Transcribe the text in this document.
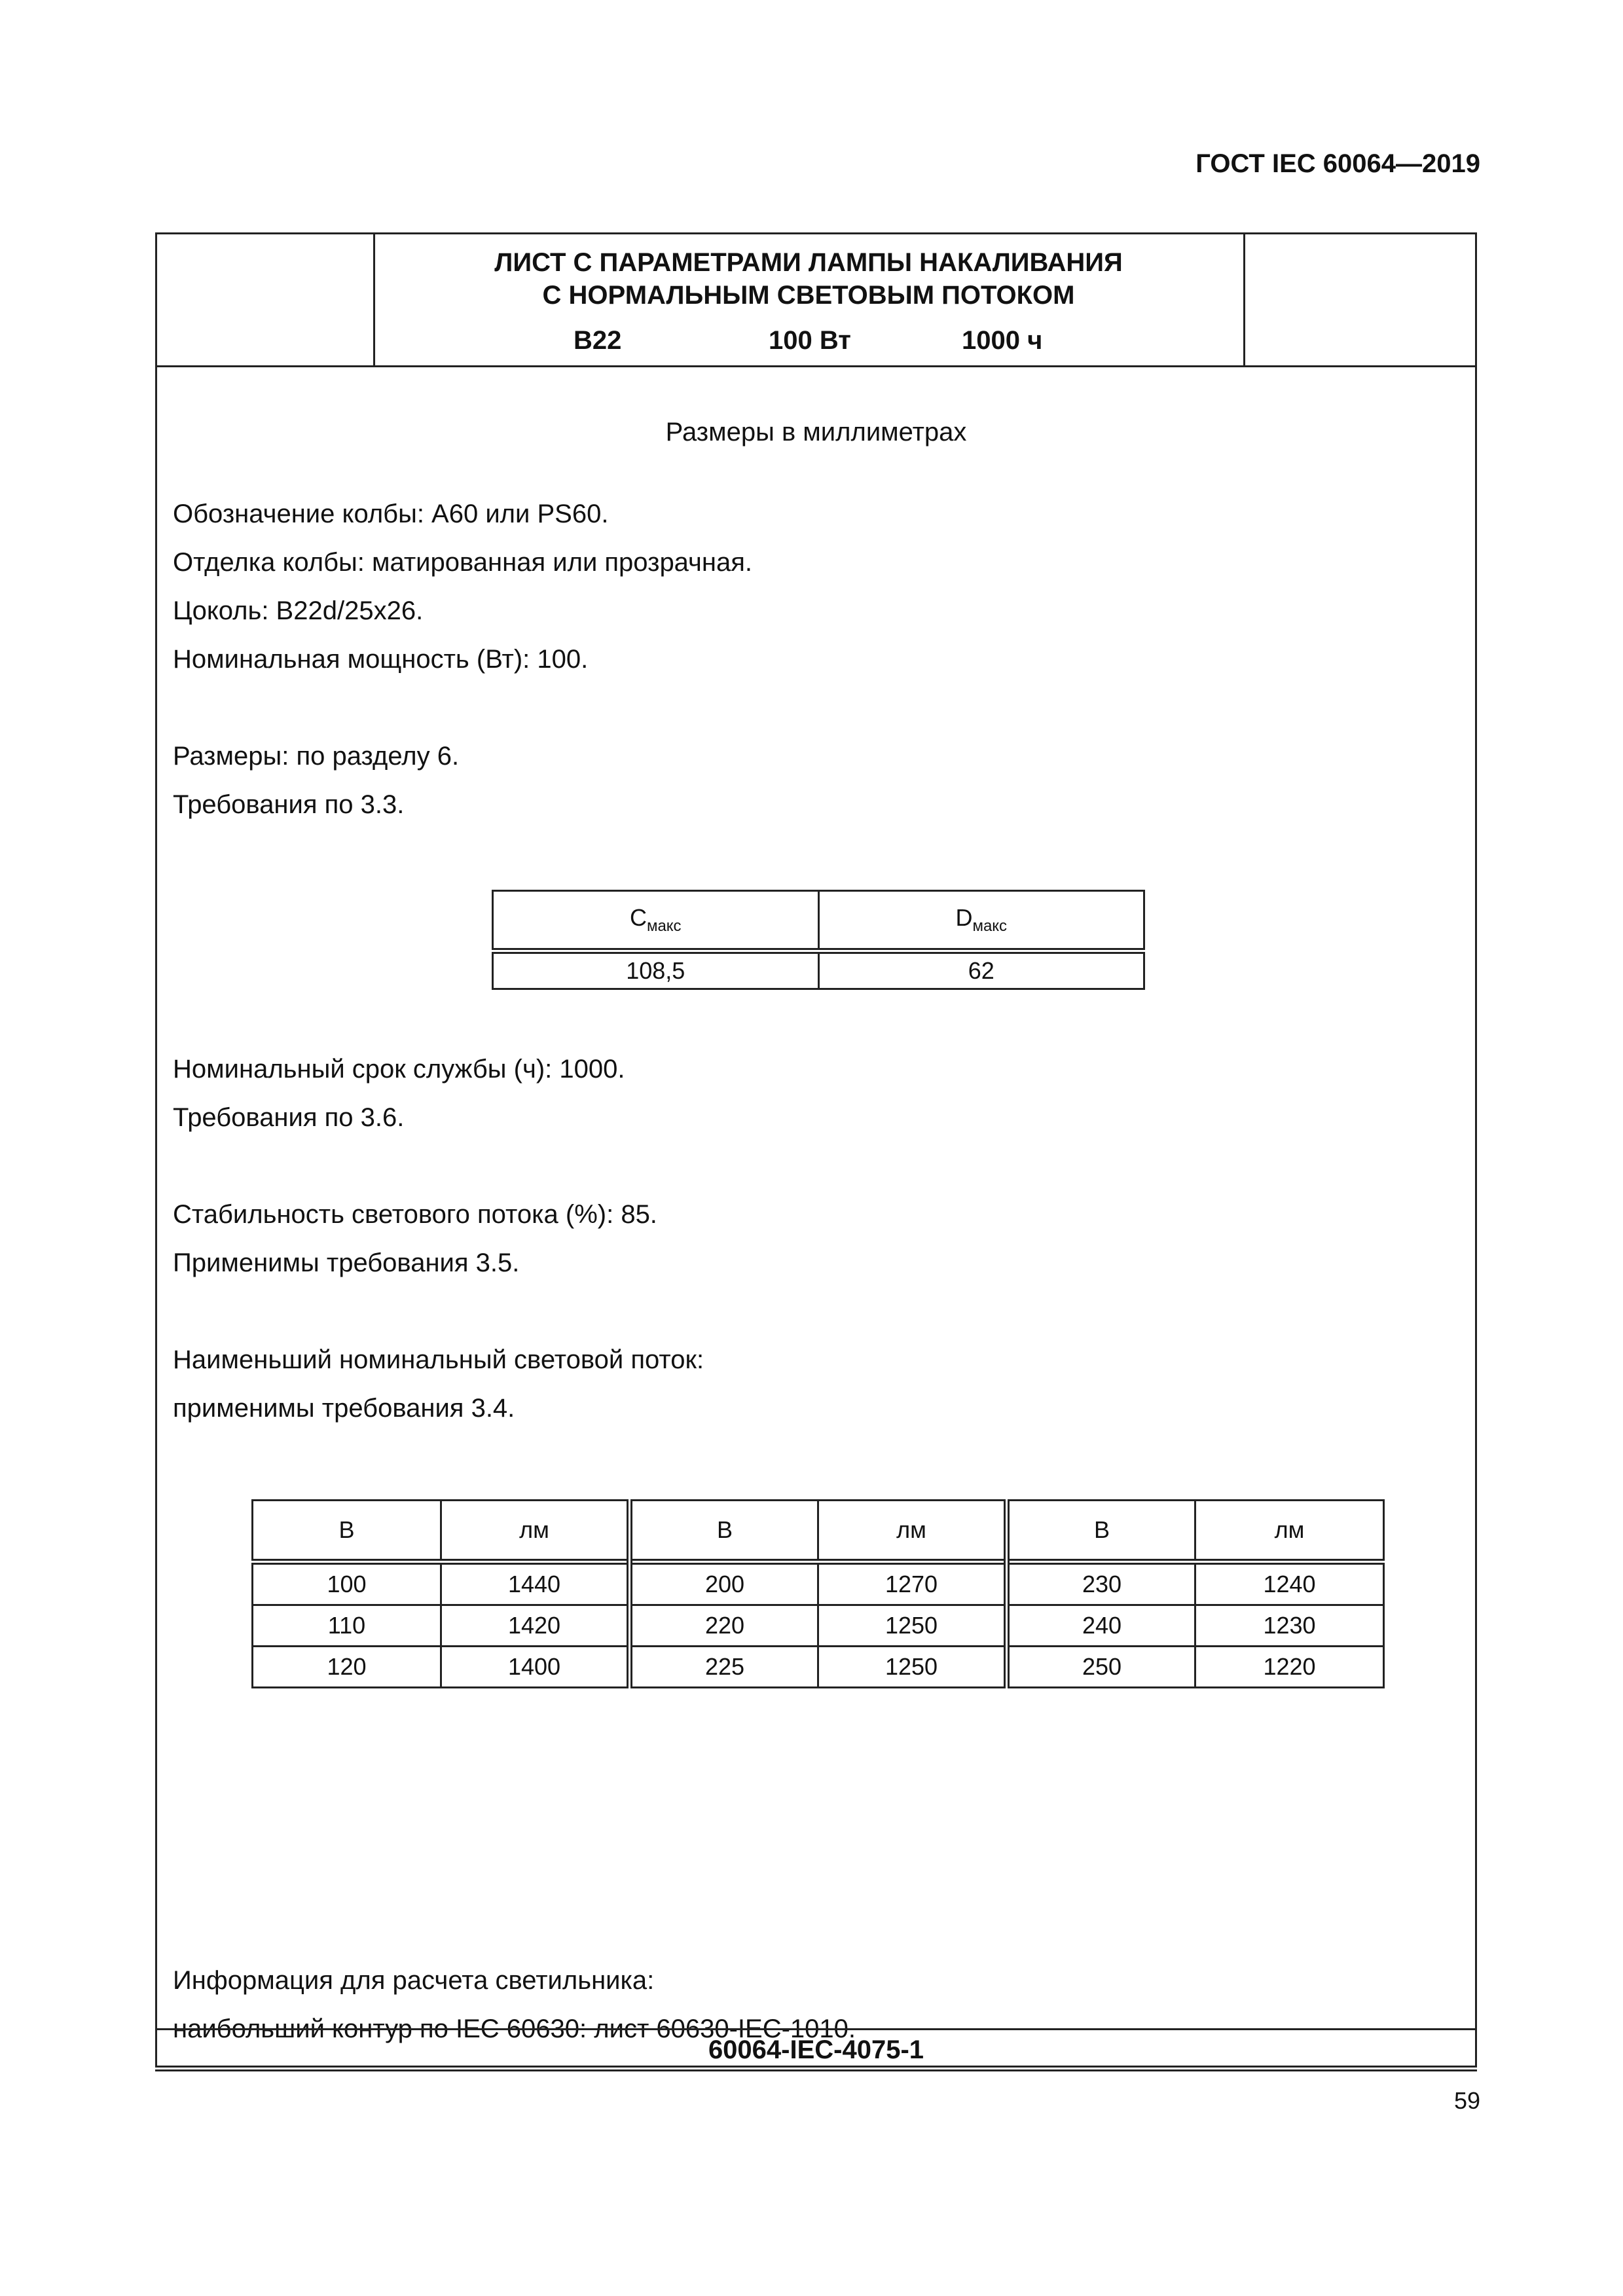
ГОСТ IEC 60064—2019
ЛИСТ С ПАРАМЕТРАМИ ЛАМПЫ НАКАЛИВАНИЯ
С НОРМАЛЬНЫМ СВЕТОВЫМ ПОТОКОМ
B22	100 Вт	1000 ч
Размеры в миллиметрах
Обозначение колбы: A60 или PS60.
Отделка колбы: матированная или прозрачная.
Цоколь: B22d/25x26.
Номинальная мощность (Вт): 100.
Размеры: по разделу 6.
Требования по 3.3.
$C_{макс}$	$D_{макс}$
108,5	62
Номинальный срок службы (ч): 1000.
Требования по 3.6.
Стабильность светового потока (%): 85.
Применимы требования 3.5.
Наименьший номинальный световой поток:
применимы требования 3.4.
В	лм	В	лм	В	лм
100	1440	200	1270	230	1240
110	1420	220	1250	240	1230
120	1400	225	1250	250	1220
Информация для расчета светильника:
наибольший контур по IEC 60630: лист 60630-IEC-1010.
60064-IEC-4075-1
59
